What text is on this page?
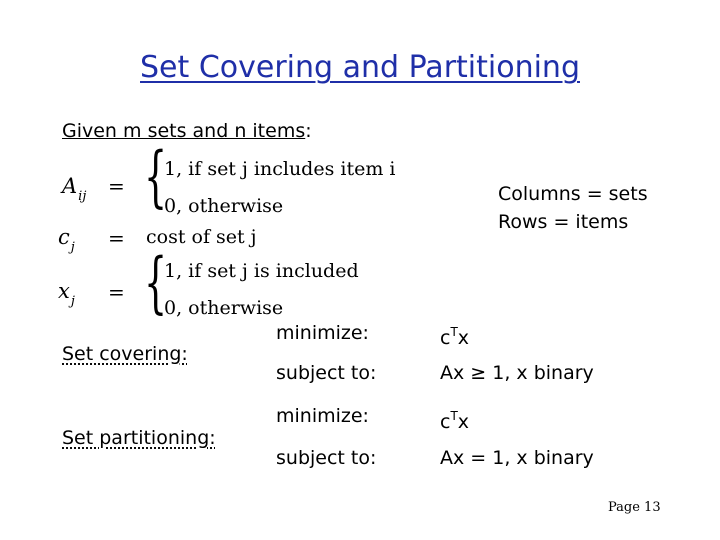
Set Covering and Partitioning
Given m sets and n items:
$A_{ij}$ = {
1, if set j includes item i
0, otherwise
$c_j = \cos t$ of set j
$x_j$ = {
1, if set j is included
0, otherwise
Columns = sets
Rows = items
Set covering:
minimize:
subject to:
$c^Tx$
Ax ≥ 1, x binary
Set partitioning:
minimize:
subject to:
$c^Tx$
Ax = 1, x binary
Page 13
